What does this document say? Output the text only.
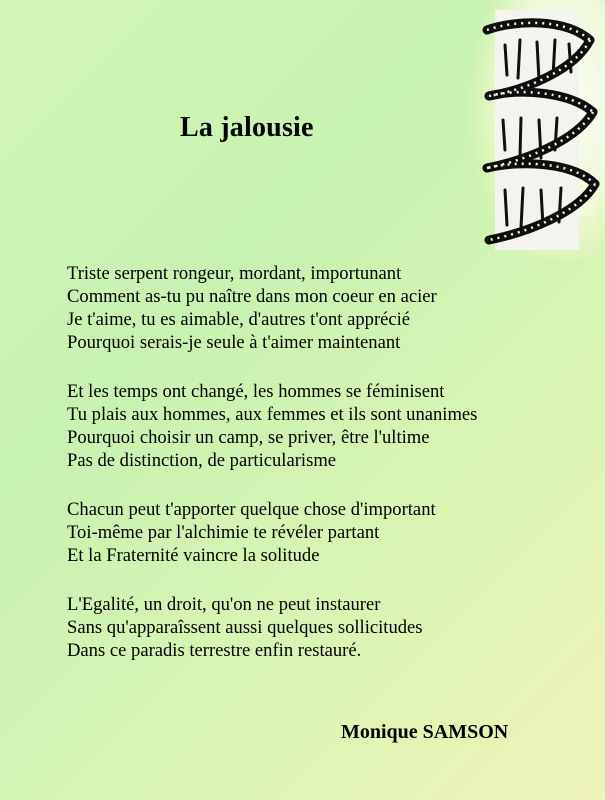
La jalousie

Triste serpent rongeur, mordant, importunant
Comment as-tu pu naître dans mon coeur en acier
Je t'aime, tu es aimable, d'autres t'ont apprécié
Pourquoi serais-je seule à t'aimer maintenant

Et les temps ont changé, les hommes se féminisent
Tu plais aux hommes, aux femmes et ils sont unanimes
Pourquoi choisir un camp, se priver, être l'ultime
Pas de distinction, de particularisme

Chacun peut t'apporter quelque chose d'important
Toi-même par l'alchimie te révéler partant
Et la Fraternité vaincre la solitude

L'Egalité, un droit, qu'on ne peut instaurer
Sans qu'apparaîssent aussi quelques sollicitudes
Dans ce paradis terrestre enfin restauré.

Monique SAMSON
